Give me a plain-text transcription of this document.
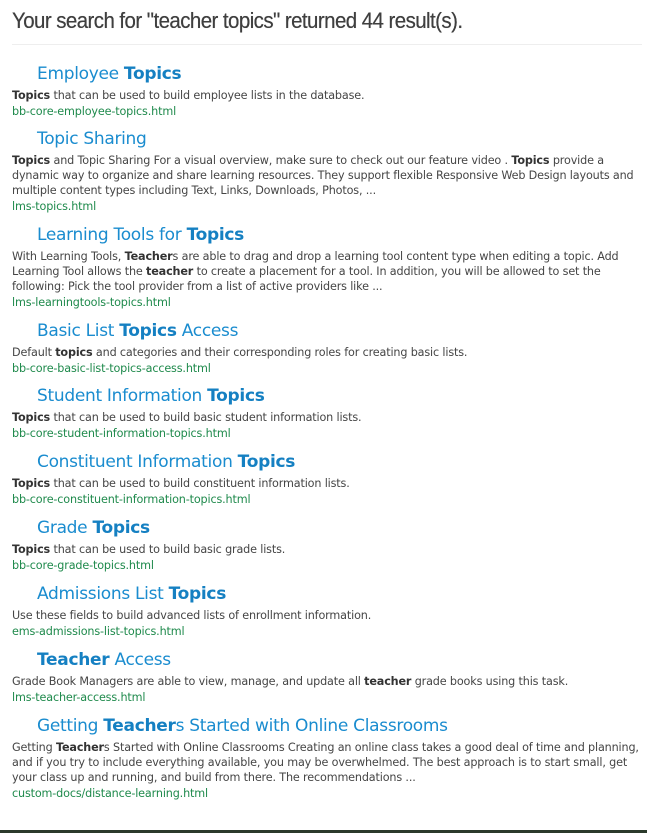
Your search for "teacher topics" returned 44 result(s).
Employee Topics

Topics that can be used to build employee lists in the database.

bb-core-employee-topics.html
Topic Sharing

Topics and Topic Sharing For a visual overview, make sure to check out our feature video . Topics provide a dynamic way to organize and share learning resources. They support flexible Responsive Web Design layouts and multiple content types including Text, Links, Downloads, Photos, ...

lms-topics.html
Learning Tools for Topics

With Learning Tools, Teachers are able to drag and drop a learning tool content type when editing a topic. Add Learning Tool allows the teacher to create a placement for a tool. In addition, you will be allowed to set the following: Pick the tool provider from a list of active providers like ...

lms-learningtools-topics.html
Basic List Topics Access

Default topics and categories and their corresponding roles for creating basic lists.

bb-core-basic-list-topics-access.html
Student Information Topics

Topics that can be used to build basic student information lists.

bb-core-student-information-topics.html
Constituent Information Topics

Topics that can be used to build constituent information lists.

bb-core-constituent-information-topics.html
Grade Topics

Topics that can be used to build basic grade lists.

bb-core-grade-topics.html
Admissions List Topics

Use these fields to build advanced lists of enrollment information.

ems-admissions-list-topics.html
Teacher Access

Grade Book Managers are able to view, manage, and update all teacher grade books using this task.

lms-teacher-access.html
Getting Teachers Started with Online Classrooms

Getting Teachers Started with Online Classrooms Creating an online class takes a good deal of time and planning, and if you try to include everything available, you may be overwhelmed. The best approach is to start small, get your class up and running, and build from there. The recommendations ...

custom-docs/distance-learning.html
